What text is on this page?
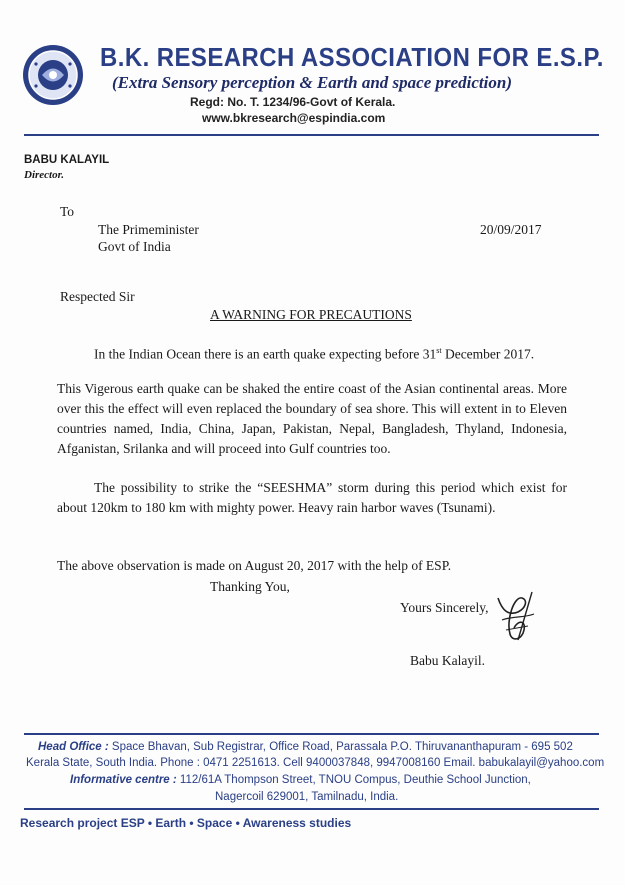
B.K. RESEARCH ASSOCIATION FOR E.S.P.
(Extra Sensory perception & Earth and space prediction)
Regd: No. T. 1234/96-Govt of Kerala.
www.bkresearch@espindia.com
BABU KALAYIL
Director.
To
The Primeminister
Govt of India
20/09/2017
Respected Sir
A WARNING FOR PRECAUTIONS
In the Indian Ocean there is an earth quake expecting before 31st December 2017.
This Vigerous earth quake can be shaked the entire coast of the Asian continental areas. More over this the effect will even replaced the boundary of sea shore. This will extent in to Eleven countries named, India, China, Japan, Pakistan, Nepal, Bangladesh, Thyland, Indonesia, Afganistan, Srilanka and will proceed into Gulf countries too.
The possibility to strike the “SEESHMA” storm during this period which exist for about 120km to 180 km with mighty power. Heavy rain harbor waves (Tsunami).
The above observation is made on August 20, 2017 with the help of ESP.
Thanking You,
Yours Sincerely,
Babu Kalayil.
Head Office : Space Bhavan, Sub Registrar, Office Road, Parassala P.O. Thiruvananthapuram - 695 502
Kerala State, South India. Phone : 0471 2251613. Cell 9400037848, 9947008160 Email. babukalayil@yahoo.com
Informative centre : 112/61A Thompson Street, TNOU Compus, Deuthie School Junction,
Nagercoil 629001, Tamilnadu, India.
Research project ESP • Earth • Space • Awareness studies
